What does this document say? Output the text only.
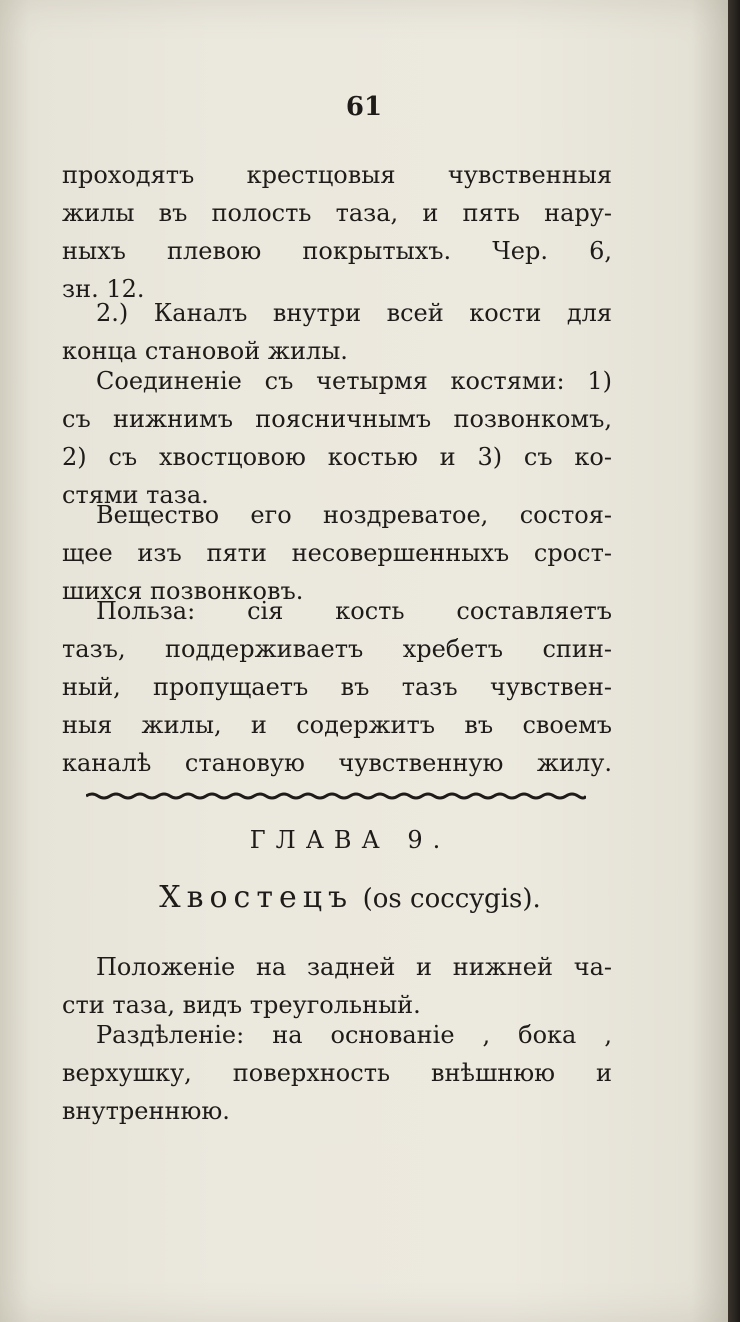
61
проходятъ крестцовыя чувственныя
жилы въ полость таза, и пять нару-
ныхъ плевою покрытыхъ. Чер. 6,
зн. 12.
2.) Каналъ внутри всей кости для
конца становой жилы.
Соединеніе съ четырмя костями: 1)
съ нижнимъ поясничнымъ позвонкомъ,
2) съ хвостцовою костью и 3) съ ко-
стями таза.
Вещество его ноздреватое, состоя-
щее изъ пяти несовершенныхъ срост-
шихся позвонковъ.
Польза: сія кость составляетъ
тазъ, поддерживаетъ хребетъ спин-
ный, пропущаетъ въ тазъ чувствен-
ныя жилы, и содержитъ въ своемъ
каналѣ становую чувственную жилу.
ГЛАВА 9.
Хвостецъ (os coccygis).
Положеніе на задней и нижней ча-
сти таза, видъ треугольный.
Раздѣленіе: на основаніе , бока ,
верхушку, поверхность внѣшнюю и
внутреннюю.
